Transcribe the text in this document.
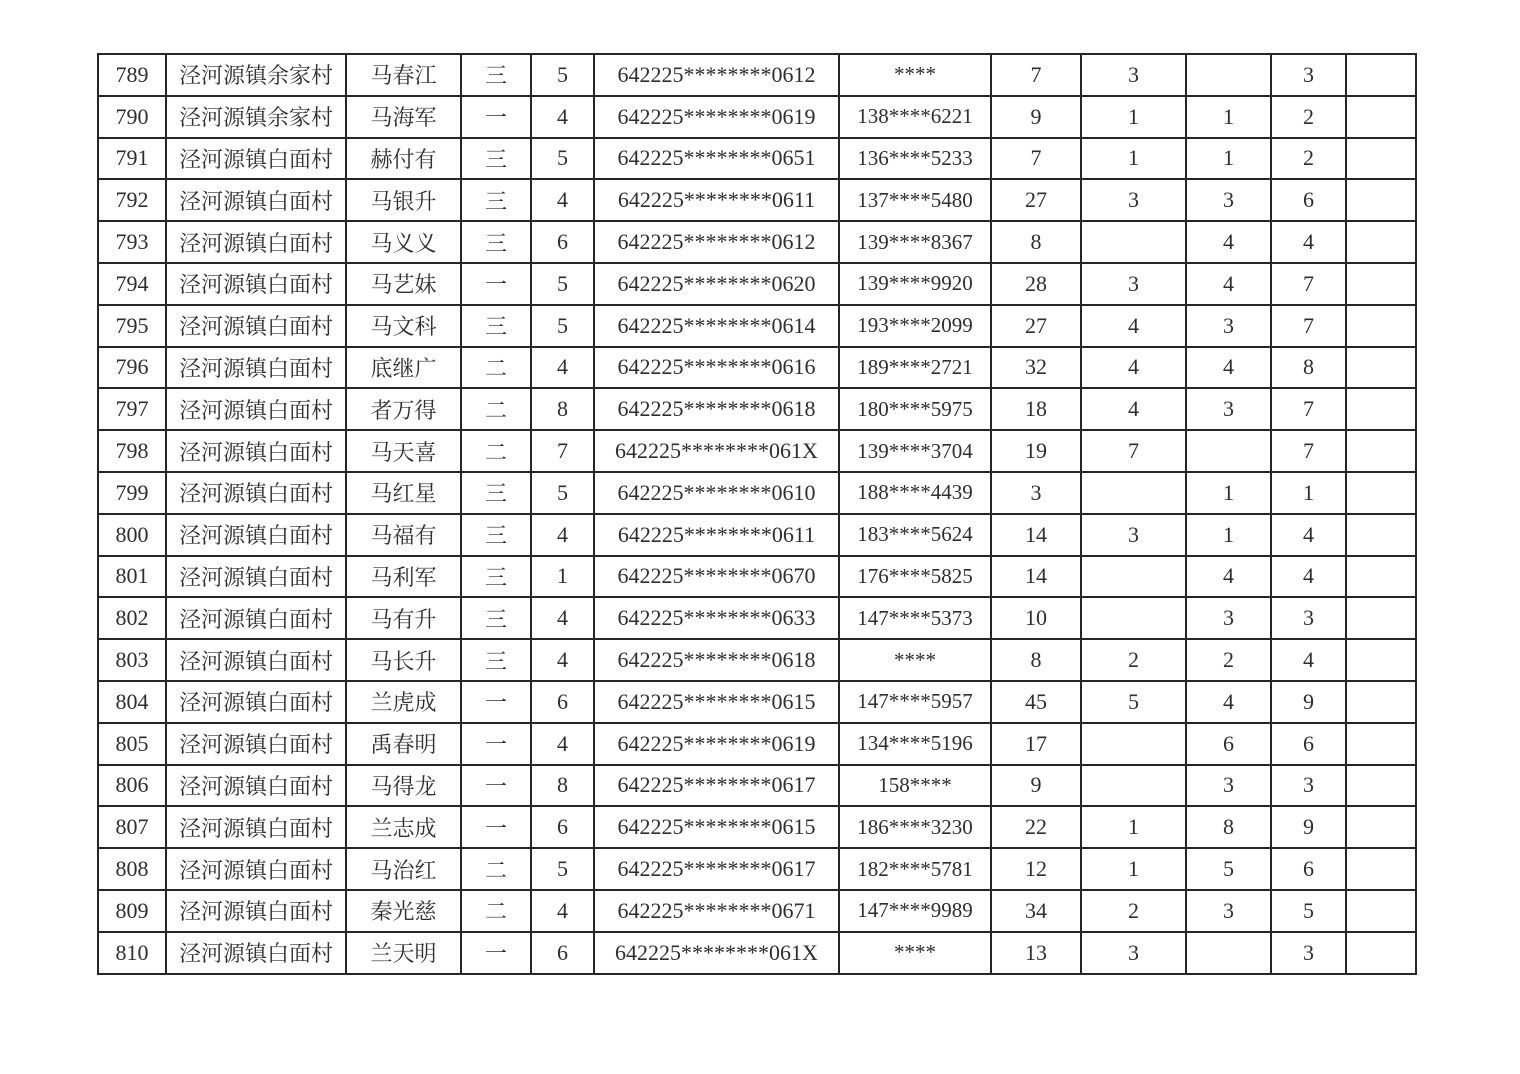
789	泾河源镇余家村	马春江	三	5	642225********0612	****	7	3		3	
790	泾河源镇余家村	马海军	一	4	642225********0619	138****6221	9	1	1	2	
791	泾河源镇白面村	赫付有	三	5	642225********0651	136****5233	7	1	1	2	
792	泾河源镇白面村	马银升	三	4	642225********0611	137****5480	27	3	3	6	
793	泾河源镇白面村	马义义	三	6	642225********0612	139****8367	8		4	4	
794	泾河源镇白面村	马艺妹	一	5	642225********0620	139****9920	28	3	4	7	
795	泾河源镇白面村	马文科	三	5	642225********0614	193****2099	27	4	3	7	
796	泾河源镇白面村	底继广	二	4	642225********0616	189****2721	32	4	4	8	
797	泾河源镇白面村	者万得	二	8	642225********0618	180****5975	18	4	3	7	
798	泾河源镇白面村	马天喜	二	7	642225********061X	139****3704	19	7		7	
799	泾河源镇白面村	马红星	三	5	642225********0610	188****4439	3		1	1	
800	泾河源镇白面村	马福有	三	4	642225********0611	183****5624	14	3	1	4	
801	泾河源镇白面村	马利军	三	1	642225********0670	176****5825	14		4	4	
802	泾河源镇白面村	马有升	三	4	642225********0633	147****5373	10		3	3	
803	泾河源镇白面村	马长升	三	4	642225********0618	****	8	2	2	4	
804	泾河源镇白面村	兰虎成	一	6	642225********0615	147****5957	45	5	4	9	
805	泾河源镇白面村	禹春明	一	4	642225********0619	134****5196	17		6	6	
806	泾河源镇白面村	马得龙	一	8	642225********0617	158****	9		3	3	
807	泾河源镇白面村	兰志成	一	6	642225********0615	186****3230	22	1	8	9	
808	泾河源镇白面村	马治红	二	5	642225********0617	182****5781	12	1	5	6	
809	泾河源镇白面村	秦光慈	二	4	642225********0671	147****9989	34	2	3	5	
810	泾河源镇白面村	兰天明	一	6	642225********061X	****	13	3		3	
